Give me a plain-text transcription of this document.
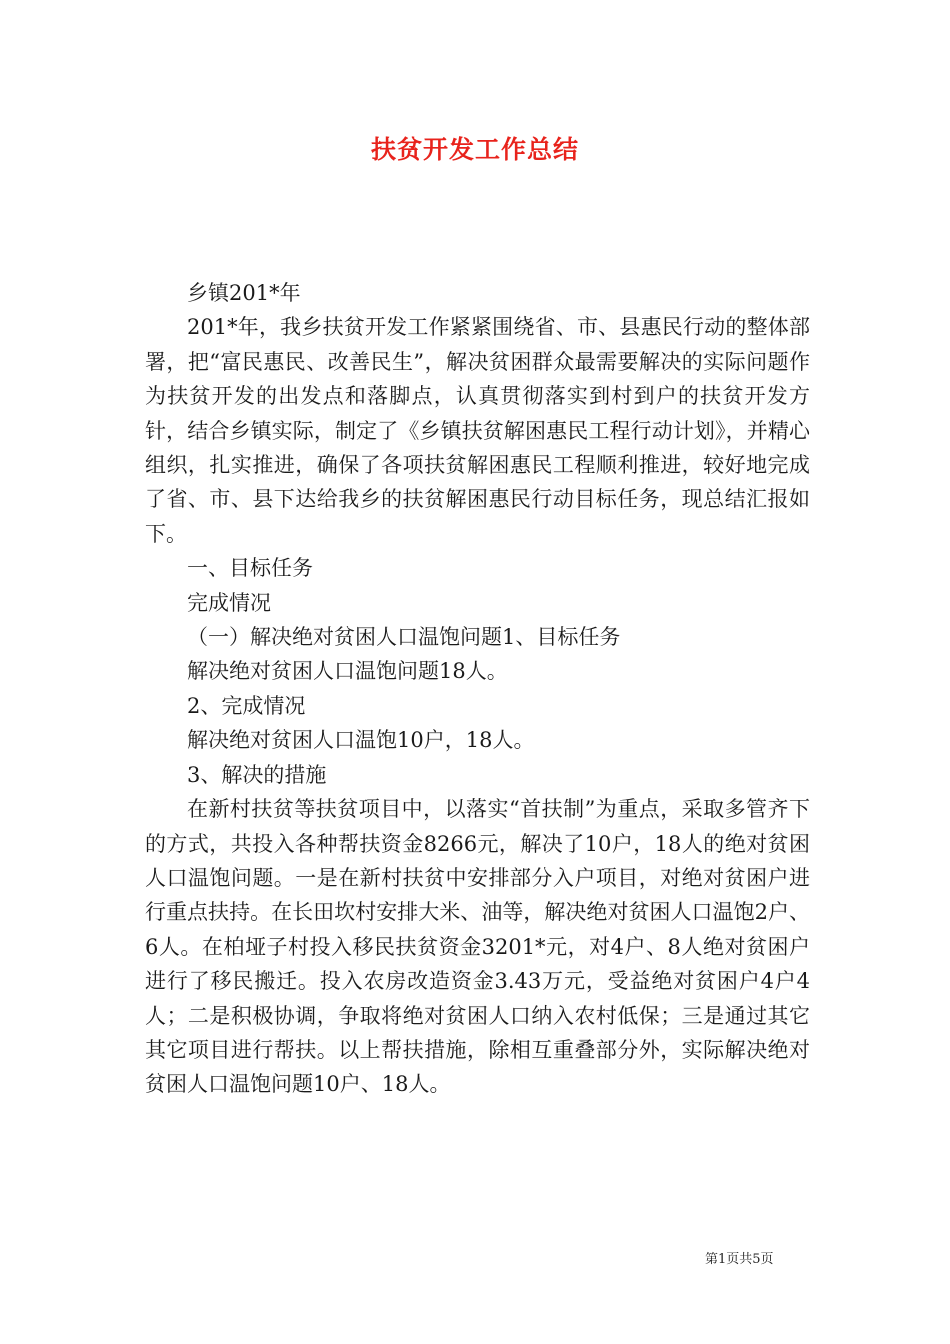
扶贫开发工作总结

乡镇201*年

201*年，我乡扶贫开发工作紧紧围绕省、市、县惠民行动的整体部署，把“富民惠民、改善民生”，解决贫困群众最需要解决的实际问题作为扶贫开发的出发点和落脚点，认真贯彻落实到村到户的扶贫开发方针，结合乡镇实际，制定了《乡镇扶贫解困惠民工程行动计划》，并精心组织，扎实推进，确保了各项扶贫解困惠民工程顺利推进，较好地完成了省、市、县下达给我乡的扶贫解困惠民行动目标任务，现总结汇报如下。

一、目标任务

完成情况

（一）解决绝对贫困人口温饱问题1、目标任务

解决绝对贫困人口温饱问题18人。

2、完成情况

解决绝对贫困人口温饱10户，18人。

3、解决的措施

在新村扶贫等扶贫项目中，以落实“首扶制”为重点，采取多管齐下的方式，共投入各种帮扶资金8266元，解决了10户，18人的绝对贫困人口温饱问题。一是在新村扶贫中安排部分入户项目，对绝对贫困户进行重点扶持。在长田坎村安排大米、油等，解决绝对贫困人口温饱2户、6人。在柏垭子村投入移民扶贫资金3201*元，对4户、8人绝对贫困户进行了移民搬迁。投入农房改造资金3.43万元，受益绝对贫困户4户4人；二是积极协调，争取将绝对贫困人口纳入农村低保；三是通过其它其它项目进行帮扶。以上帮扶措施，除相互重叠部分外，实际解决绝对贫困人口温饱问题10户、18人。

第1页共5页
